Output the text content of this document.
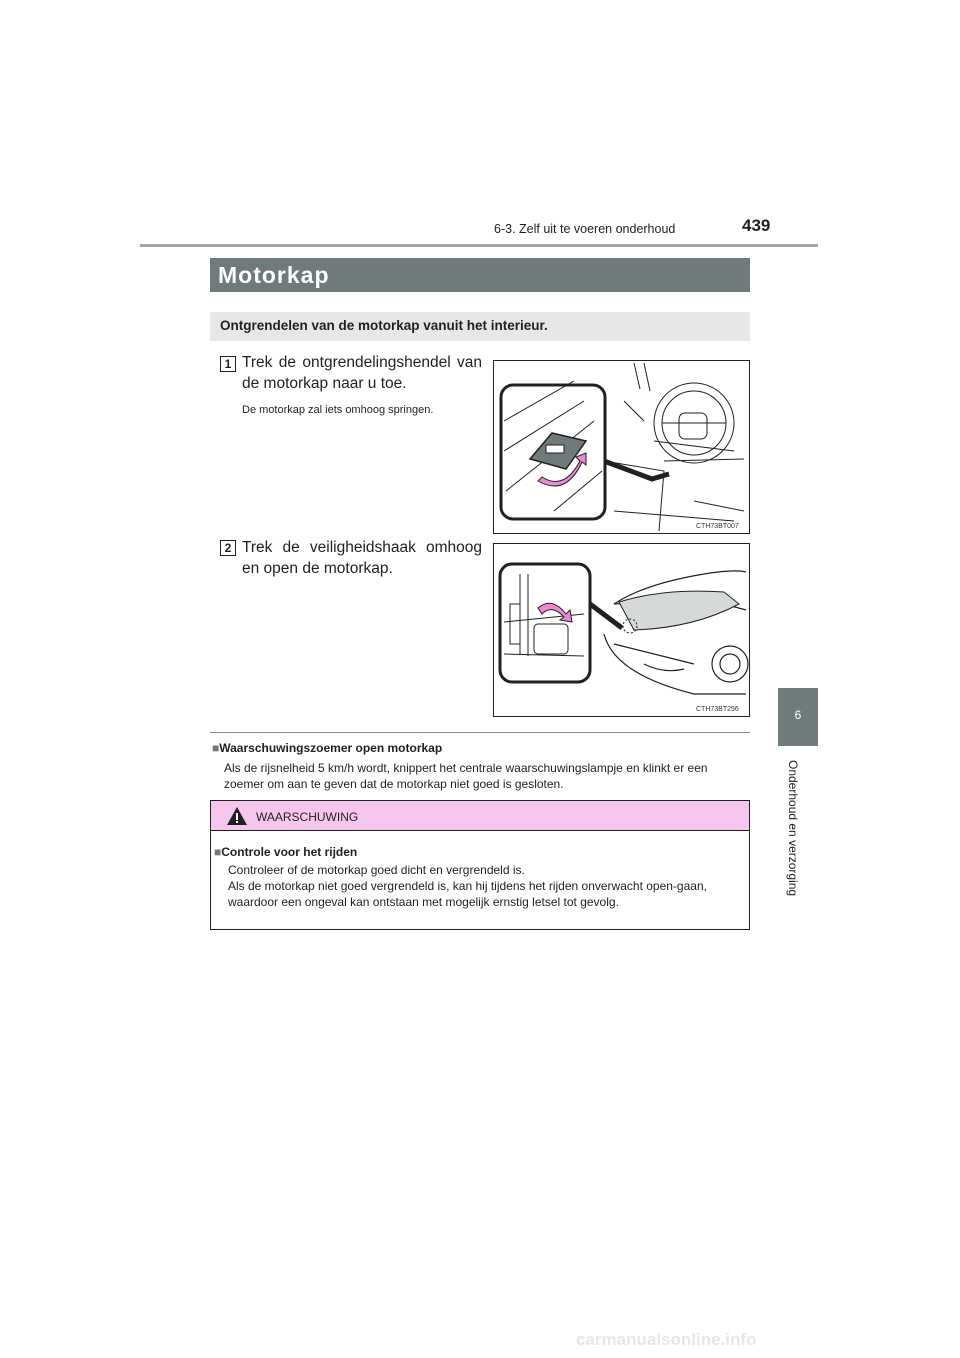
6-3. Zelf uit te voeren onderhoud	439
6
Onderhoud en verzorging
Motorkap
Ontgrendelen van de motorkap vanuit het interieur.
1 Trek de ontgrendelingshendel van de motorkap naar u toe.
De motorkap zal iets omhoog springen.
CTH73BT007
2 Trek de veiligheidshaak omhoog en open de motorkap.
CTH73BT256
■Waarschuwingszoemer open motorkap
Als de rijsnelheid 5 km/h wordt, knippert het centrale waarschuwingslampje en klinkt er een zoemer om aan te geven dat de motorkap niet goed is gesloten.
WAARSCHUWING
■Controle voor het rijden
Controleer of de motorkap goed dicht en vergrendeld is.
Als de motorkap niet goed vergrendeld is, kan hij tijdens het rijden onverwacht open-gaan, waardoor een ongeval kan ontstaan met mogelijk ernstig letsel tot gevolg.
carmanualsonline.info
